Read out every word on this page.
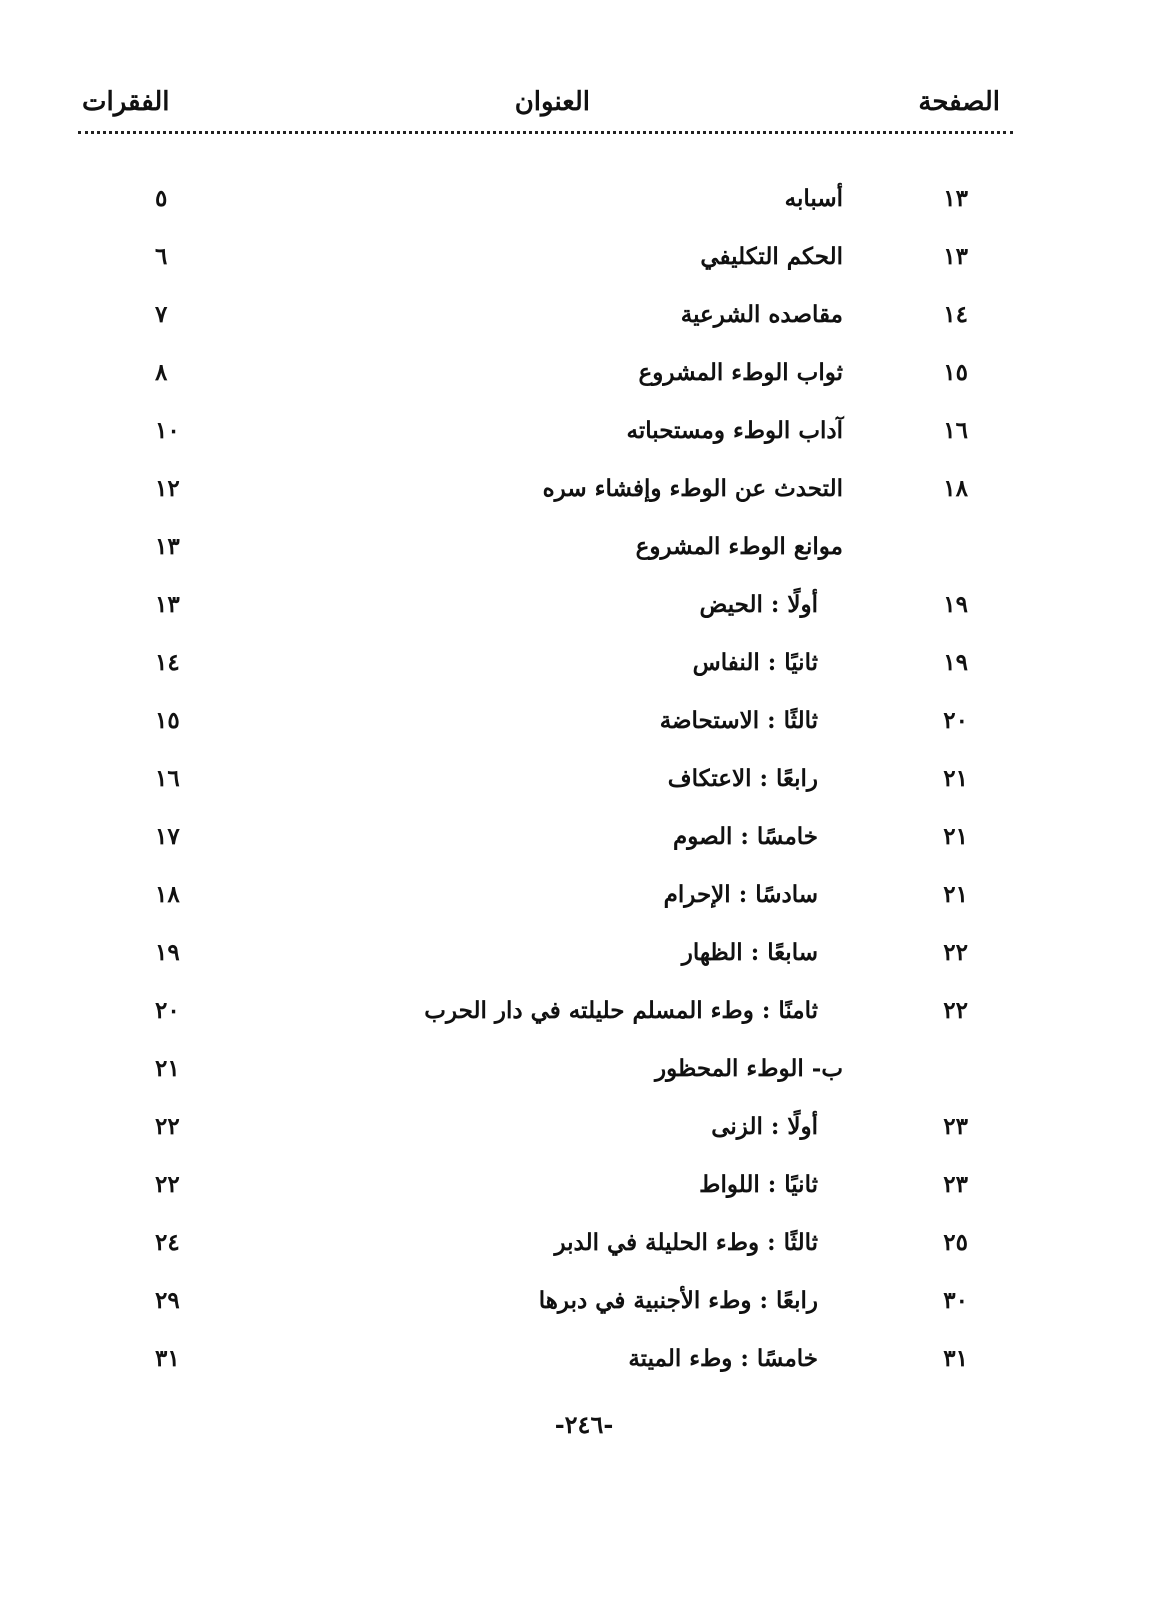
الصفحة
العنوان
الفقرات
١٣
أسبابه
٥
١٣
الحكم التكليفي
٦
١٤
مقاصده الشرعية
٧
١٥
ثواب الوطء المشروع
٨
١٦
آداب الوطء ومستحباته
١٠
١٨
التحدث عن الوطء وإفشاء سره
١٢
موانع الوطء المشروع
١٣
١٩
أولًا : الحيض
١٣
١٩
ثانيًا : النفاس
١٤
٢٠
ثالثًا : الاستحاضة
١٥
٢١
رابعًا : الاعتكاف
١٦
٢١
خامسًا : الصوم
١٧
٢١
سادسًا : الإحرام
١٨
٢٢
سابعًا : الظهار
١٩
٢٢
ثامنًا : وطء المسلم حليلته في دار الحرب
٢٠
ب- الوطء المحظور
٢١
٢٣
أولًا : الزنى
٢٢
٢٣
ثانيًا : اللواط
٢٢
٢٥
ثالثًا : وطء الحليلة في الدبر
٢٤
٣٠
رابعًا : وطء الأجنبية في دبرها
٢٩
٣١
خامسًا : وطء الميتة
٣١
-٢٤٦-
